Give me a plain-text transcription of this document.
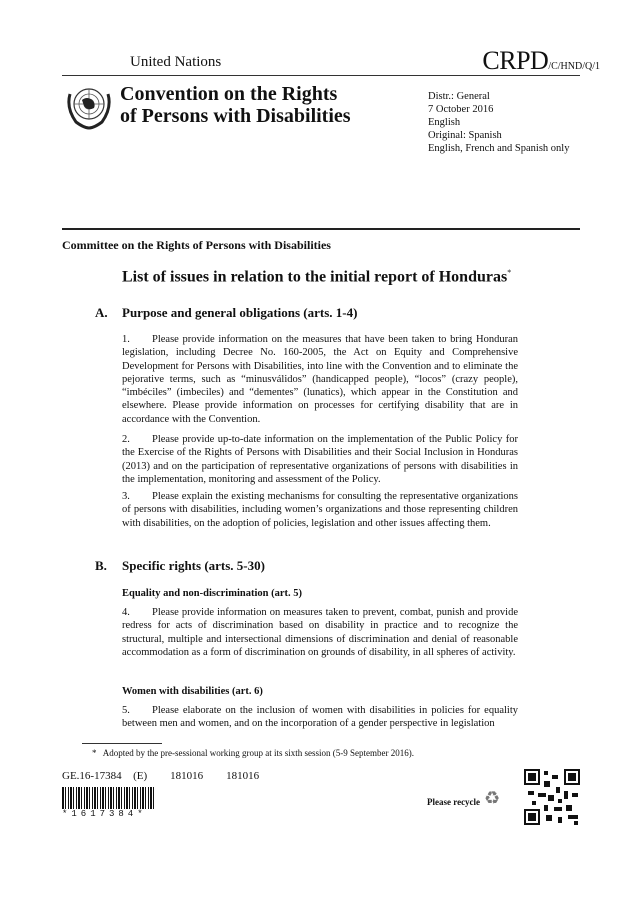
United Nations	CRPD/C/HND/Q/1
Convention on the Rights
of Persons with Disabilities
Distr.: General
7 October 2016
English
Original: Spanish
English, French and Spanish only
Committee on the Rights of Persons with Disabilities
List of issues in relation to the initial report of Honduras*
A. Purpose and general obligations (arts. 1-4)
1. Please provide information on the measures that have been taken to bring Honduran legislation, including Decree No. 160-2005, the Act on Equity and Comprehensive Development for Persons with Disabilities, into line with the Convention and to eliminate the pejorative terms, such as “minusválidos” (handicapped people), “locos” (crazy people), “imbéciles” (imbeciles) and “dementes” (lunatics), which appear in the Constitution and elsewhere. Please provide information on processes for certifying disability that are in accordance with the Convention.
2. Please provide up-to-date information on the implementation of the Public Policy for the Exercise of the Rights of Persons with Disabilities and their Social Inclusion in Honduras (2013) and on the participation of representative organizations of persons with disabilities in the implementation, monitoring and assessment of the Policy.
3. Please explain the existing mechanisms for consulting the representative organizations of persons with disabilities, including women’s organizations and those representing children with disabilities, on the adoption of policies, legislation and other issues affecting them.
B. Specific rights (arts. 5-30)
Equality and non-discrimination (art. 5)
4. Please provide information on measures taken to prevent, combat, punish and provide redress for acts of discrimination based on disability in practice and to recognize the structural, multiple and intersectional dimensions of discrimination and denial of reasonable accommodation as a form of discrimination on grounds of disability, in all spheres of activity.
Women with disabilities (art. 6)
5. Please elaborate on the inclusion of women with disabilities in policies for equality between men and women, and on the incorporation of a gender perspective in legislation
*   Adopted by the pre-sessional working group at its sixth session (5-9 September 2016).
GE.16-17384  (E)    181016    181016
*1617384*
Please recycle ♻
